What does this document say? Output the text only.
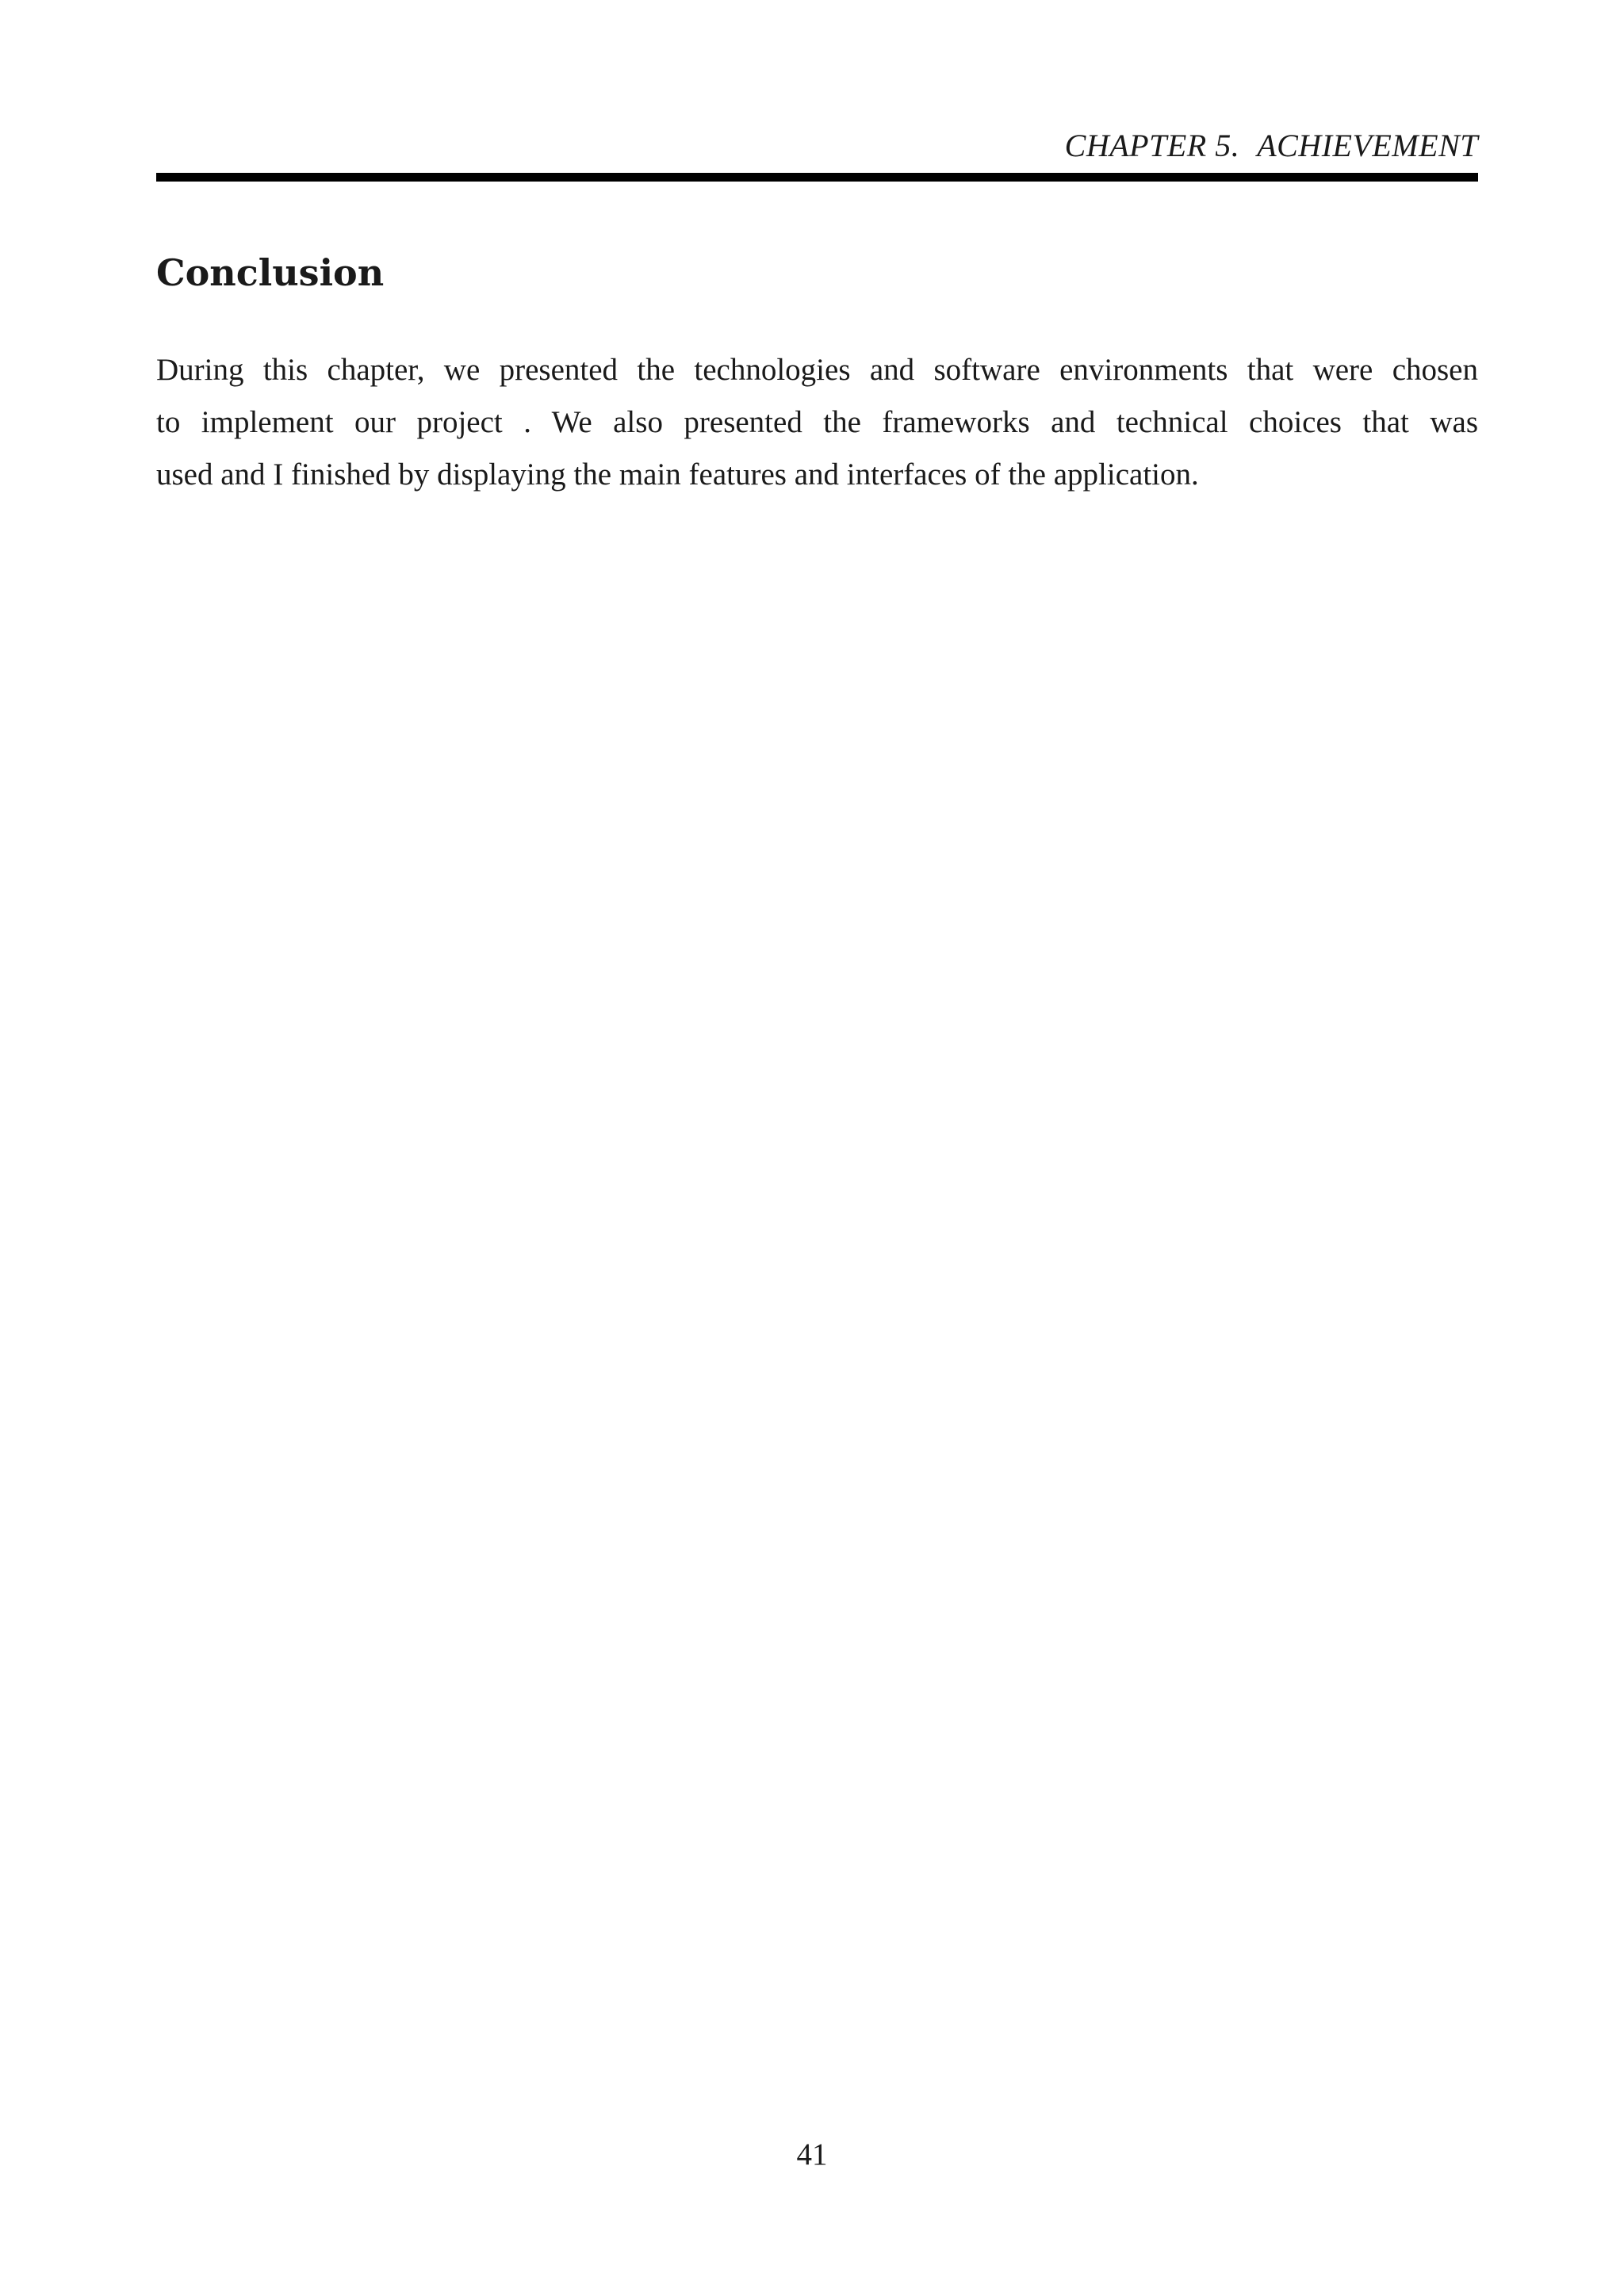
CHAPTER 5. ACHIEVEMENT
Conclusion
During this chapter, we presented the technologies and software environments that were chosen
to implement our project . We also presented the frameworks and technical choices that was
used and I finished by displaying the main features and interfaces of the application.
41
